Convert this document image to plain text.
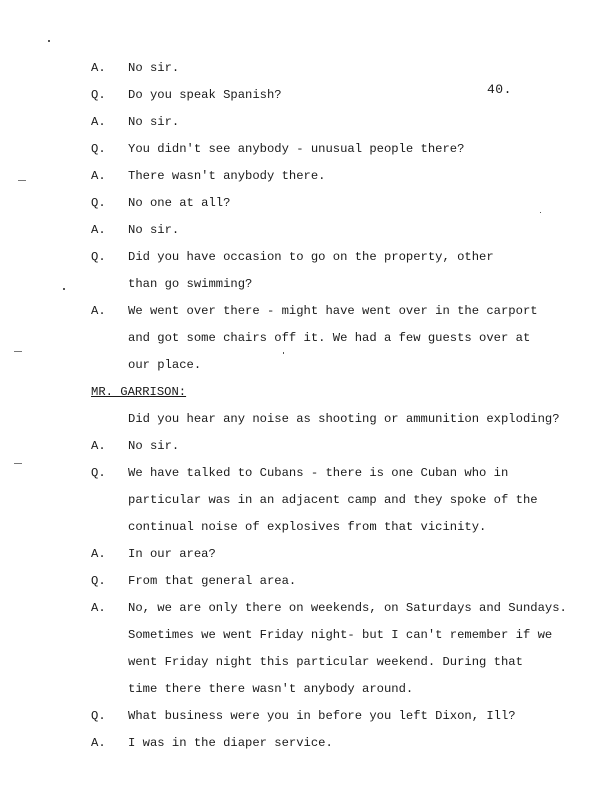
40.
A. No sir.
Q. Do you speak Spanish?
A. No sir.
Q. You didn't see anybody - unusual people there?
A. There wasn't anybody there.
Q. No one at all?
A. No sir.
Q. Did you have occasion to go on the property, other
than go swimming?
A. We went over there - might have went over in the carport
and got some chairs off it. We had a few guests over at
our place.
MR. GARRISON:
Did you hear any noise as shooting or ammunition exploding?
A. No sir.
Q. We have talked to Cubans - there is one Cuban who in
particular was in an adjacent camp and they spoke of the
continual noise of explosives from that vicinity.
A. In our area?
Q. From that general area.
A. No, we are only there on weekends, on Saturdays and Sundays.
Sometimes we went Friday night- but I can't remember if we
went Friday night this particular weekend. During that
time there there wasn't anybody around.
Q. What business were you in before you left Dixon, Ill?
A. I was in the diaper service.
